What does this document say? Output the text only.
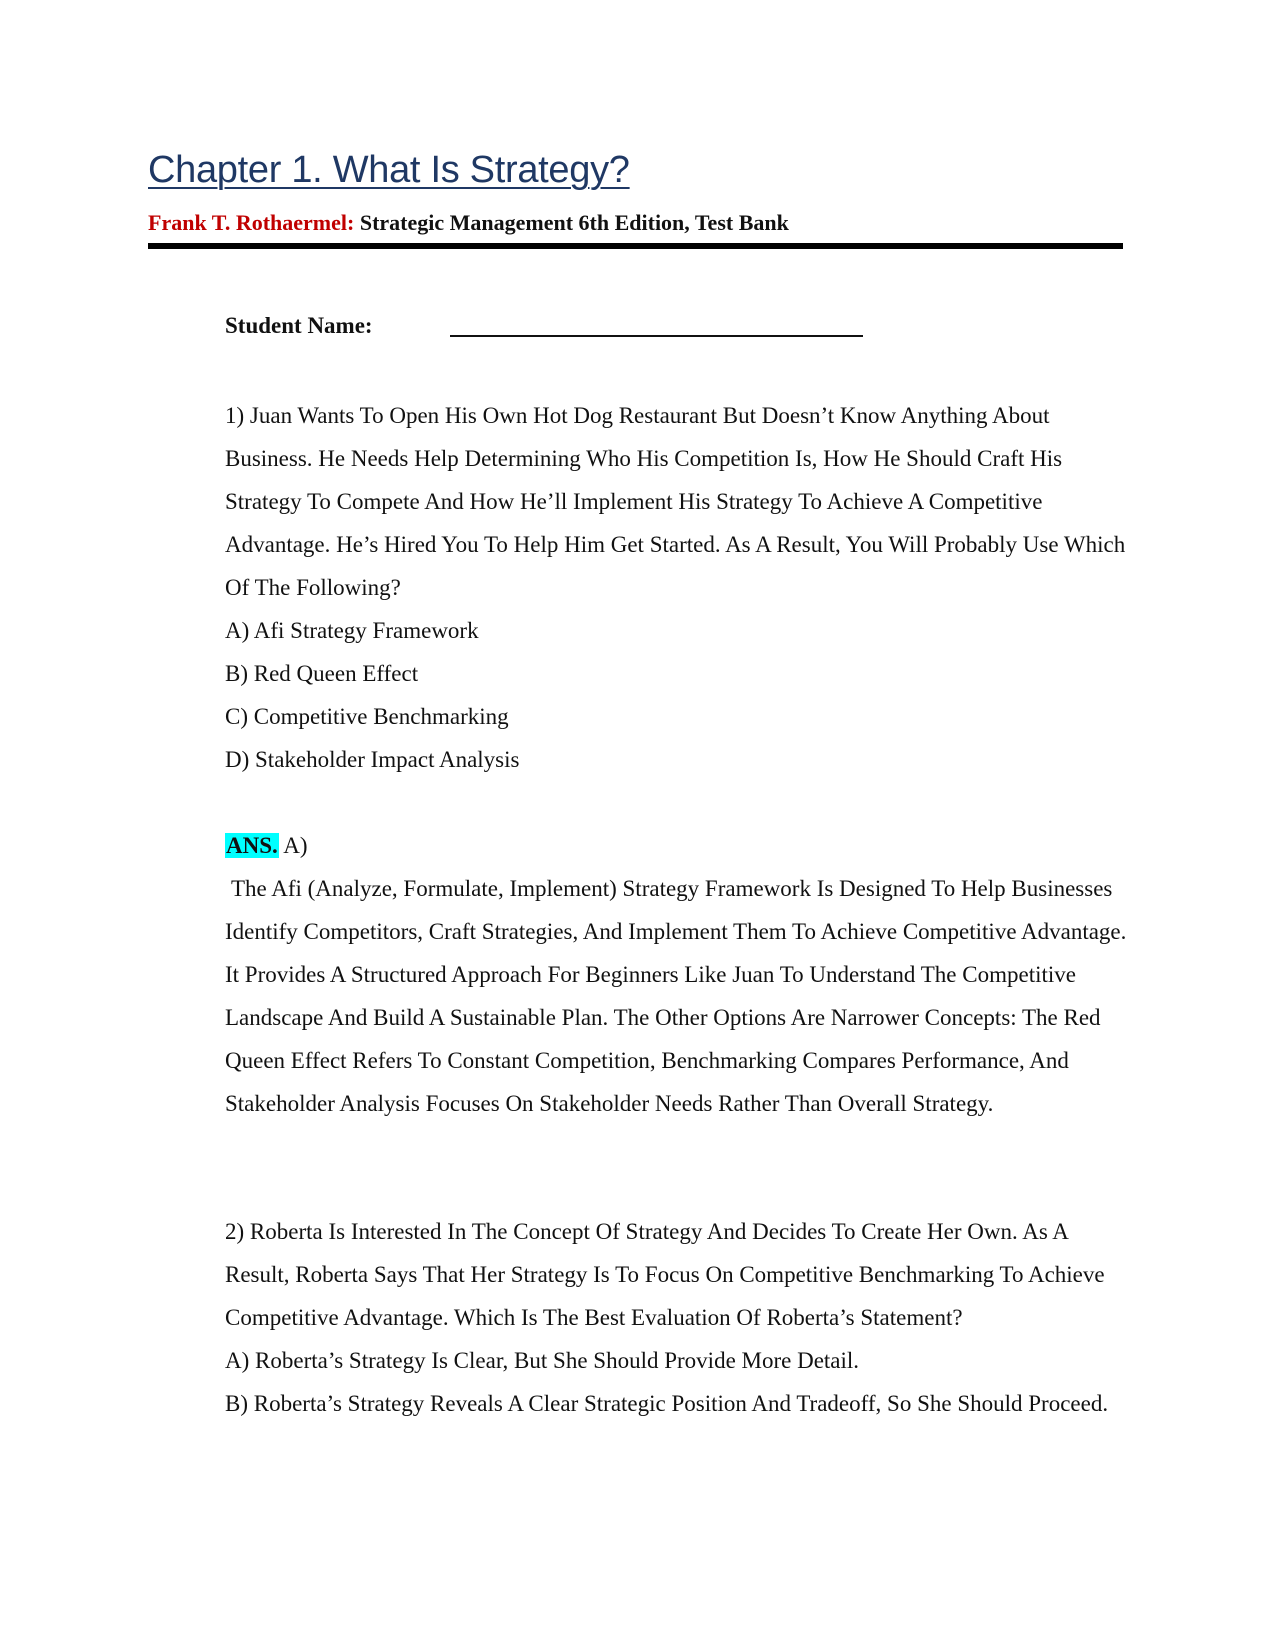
Chapter 1. What Is Strategy?
Frank T. Rothaermel: Strategic Management 6th Edition, Test Bank
Student Name:

1) Juan Wants To Open His Own Hot Dog Restaurant But Doesn’t Know Anything About Business. He Needs Help Determining Who His Competition Is, How He Should Craft His Strategy To Compete And How He’ll Implement His Strategy To Achieve A Competitive Advantage. He’s Hired You To Help Him Get Started. As A Result, You Will Probably Use Which Of The Following?

A) Afi Strategy Framework

B) Red Queen Effect

C) Competitive Benchmarking

D) Stakeholder Impact Analysis

ANS. A)

The Afi (Analyze, Formulate, Implement) Strategy Framework Is Designed To Help Businesses Identify Competitors, Craft Strategies, And Implement Them To Achieve Competitive Advantage. It Provides A Structured Approach For Beginners Like Juan To Understand The Competitive Landscape And Build A Sustainable Plan. The Other Options Are Narrower Concepts: The Red Queen Effect Refers To Constant Competition, Benchmarking Compares Performance, And Stakeholder Analysis Focuses On Stakeholder Needs Rather Than Overall Strategy.

2) Roberta Is Interested In The Concept Of Strategy And Decides To Create Her Own. As A Result, Roberta Says That Her Strategy Is To Focus On Competitive Benchmarking To Achieve Competitive Advantage. Which Is The Best Evaluation Of Roberta’s Statement?

A) Roberta’s Strategy Is Clear, But She Should Provide More Detail.

B) Roberta’s Strategy Reveals A Clear Strategic Position And Tradeoff, So She Should Proceed.
